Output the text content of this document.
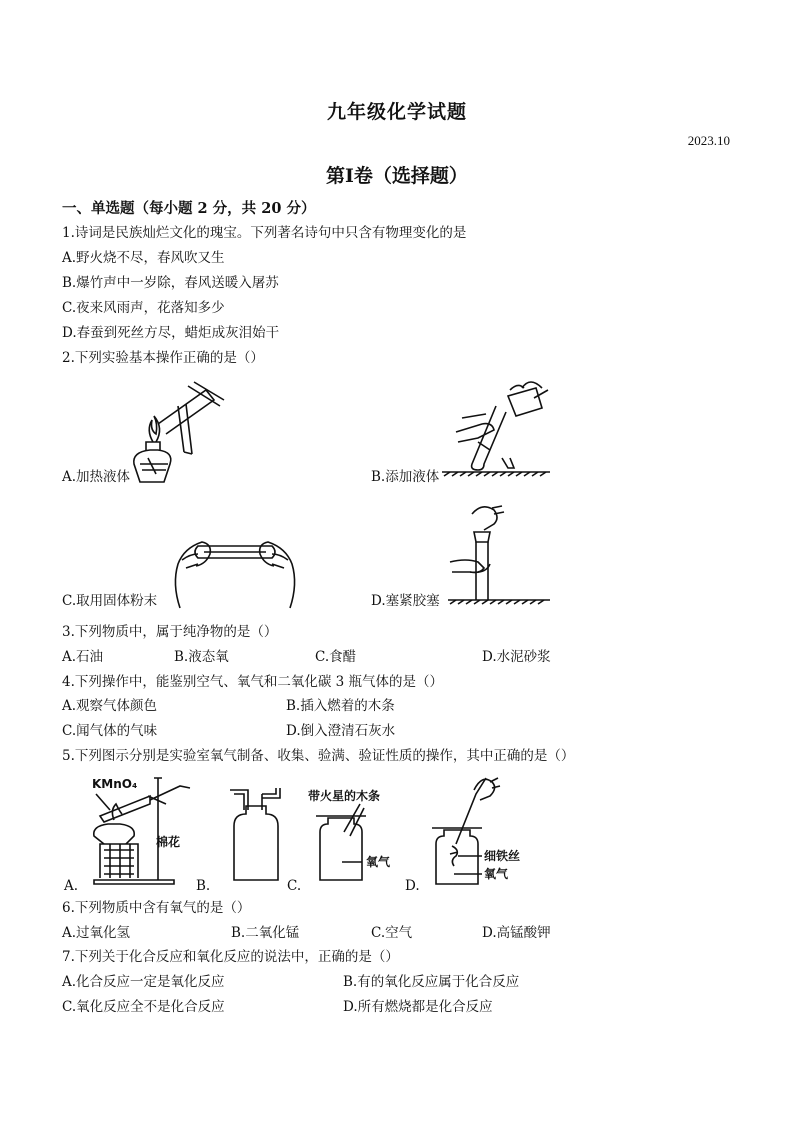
九年级化学试题
2023.10
第Ⅰ卷（选择题）
一、单选题（每小题 2 分，共 20 分）
1.诗词是民族灿烂文化的瑰宝。下列著名诗句中只含有物理变化的是
A.野火烧不尽，春风吹又生
B.爆竹声中一岁除，春风送暖入屠苏
C.夜来风雨声，花落知多少
D.春蚕到死丝方尽，蜡炬成灰泪始干
2.下列实验基本操作正确的是（）
A.加热液体	B.添加液体
C.取用固体粉末	D.塞紧胶塞
3.下列物质中，属于纯净物的是（）
A.石油	B.液态氧	C.食醋	D.水泥砂浆
4.下列操作中，能鉴别空气、氧气和二氧化碳 3 瓶气体的是（）
A.观察气体颜色	B.插入燃着的木条
C.闻气体的气味	D.倒入澄清石灰水
5.下列图示分别是实验室氧气制备、收集、验满、验证性质的操作，其中正确的是（）
KMnO₄
棉花
A.	B.
带火星的木条
氧气
C.
细铁丝
氧气
D.
6.下列物质中含有氧气的是（）
A.过氧化氢	B.二氧化锰	C.空气	D.高锰酸钾
7.下列关于化合反应和氧化反应的说法中，正确的是（）
A.化合反应一定是氧化反应	B.有的氧化反应属于化合反应
C.氧化反应全不是化合反应	D.所有燃烧都是化合反应
